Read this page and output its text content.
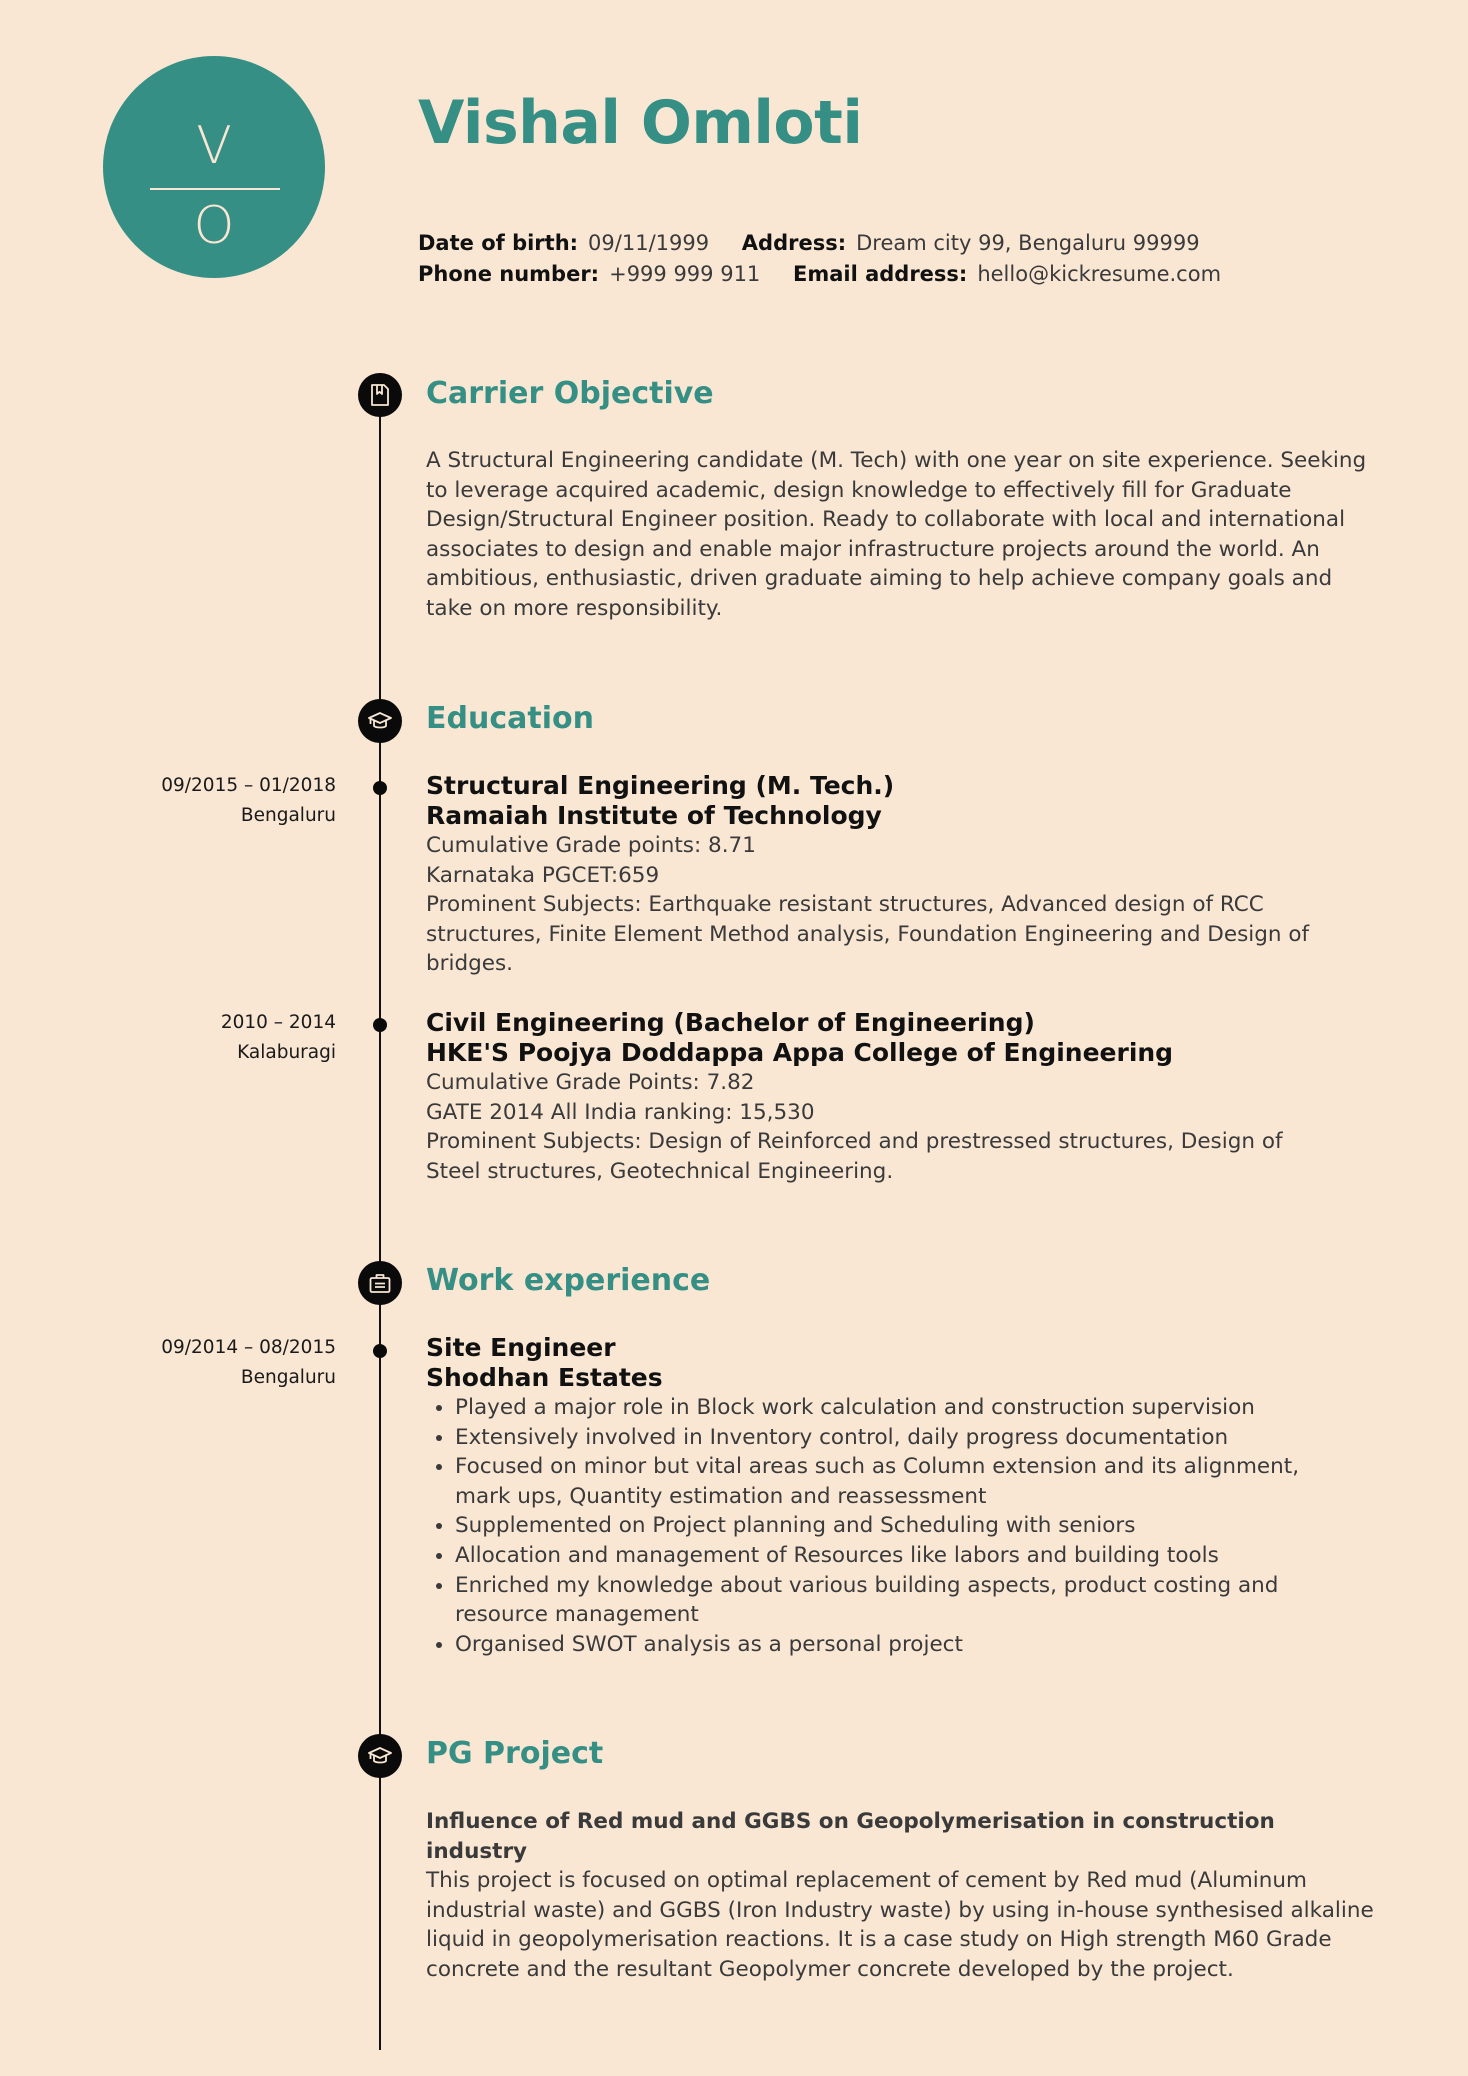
V
O
Vishal Omloti
Date of birth: 09/11/1999 Address: Dream city 99, Bengaluru 99999
Phone number: +999 999 911 Email address: hello@kickresume.com
Carrier Objective

A Structural Engineering candidate (M. Tech) with one year on site experience. Seeking to leverage acquired academic, design knowledge to effectively fill for Graduate Design/Structural Engineer position. Ready to collaborate with local and international associates to design and enable major infrastructure projects around the world. An ambitious, enthusiastic, driven graduate aiming to help achieve company goals and take on more responsibility.

Education
09/2015 – 01/2018
Bengaluru

Structural Engineering (M. Tech.)

Ramaiah Institute of Technology

Cumulative Grade points: 8.71

Karnataka PGCET:659

Prominent Subjects: Earthquake resistant structures, Advanced design of RCC structures, Finite Element Method analysis, Foundation Engineering and Design of bridges.

2010 – 2014
Kalaburagi

Civil Engineering (Bachelor of Engineering)

HKE'S Poojya Doddappa Appa College of Engineering

Cumulative Grade Points: 7.82

GATE 2014 All India ranking: 15,530

Prominent Subjects: Design of Reinforced and prestressed structures, Design of Steel structures, Geotechnical Engineering.

Work experience
09/2014 – 08/2015
Bengaluru

Site Engineer

Shodhan Estates

• Played a major role in Block work calculation and construction supervision
• Extensively involved in Inventory control, daily progress documentation
• Focused on minor but vital areas such as Column extension and its alignment, mark ups, Quantity estimation and reassessment
• Supplemented on Project planning and Scheduling with seniors
• Allocation and management of Resources like labors and building tools
• Enriched my knowledge about various building aspects, product costing and resource management
• Organised SWOT analysis as a personal project
PG Project

Influence of Red mud and GGBS on Geopolymerisation in construction industry

This project is focused on optimal replacement of cement by Red mud (Aluminum industrial waste) and GGBS (Iron Industry waste) by using in-house synthesised alkaline liquid in geopolymerisation reactions. It is a case study on High strength M60 Grade concrete and the resultant Geopolymer concrete developed by the project.
